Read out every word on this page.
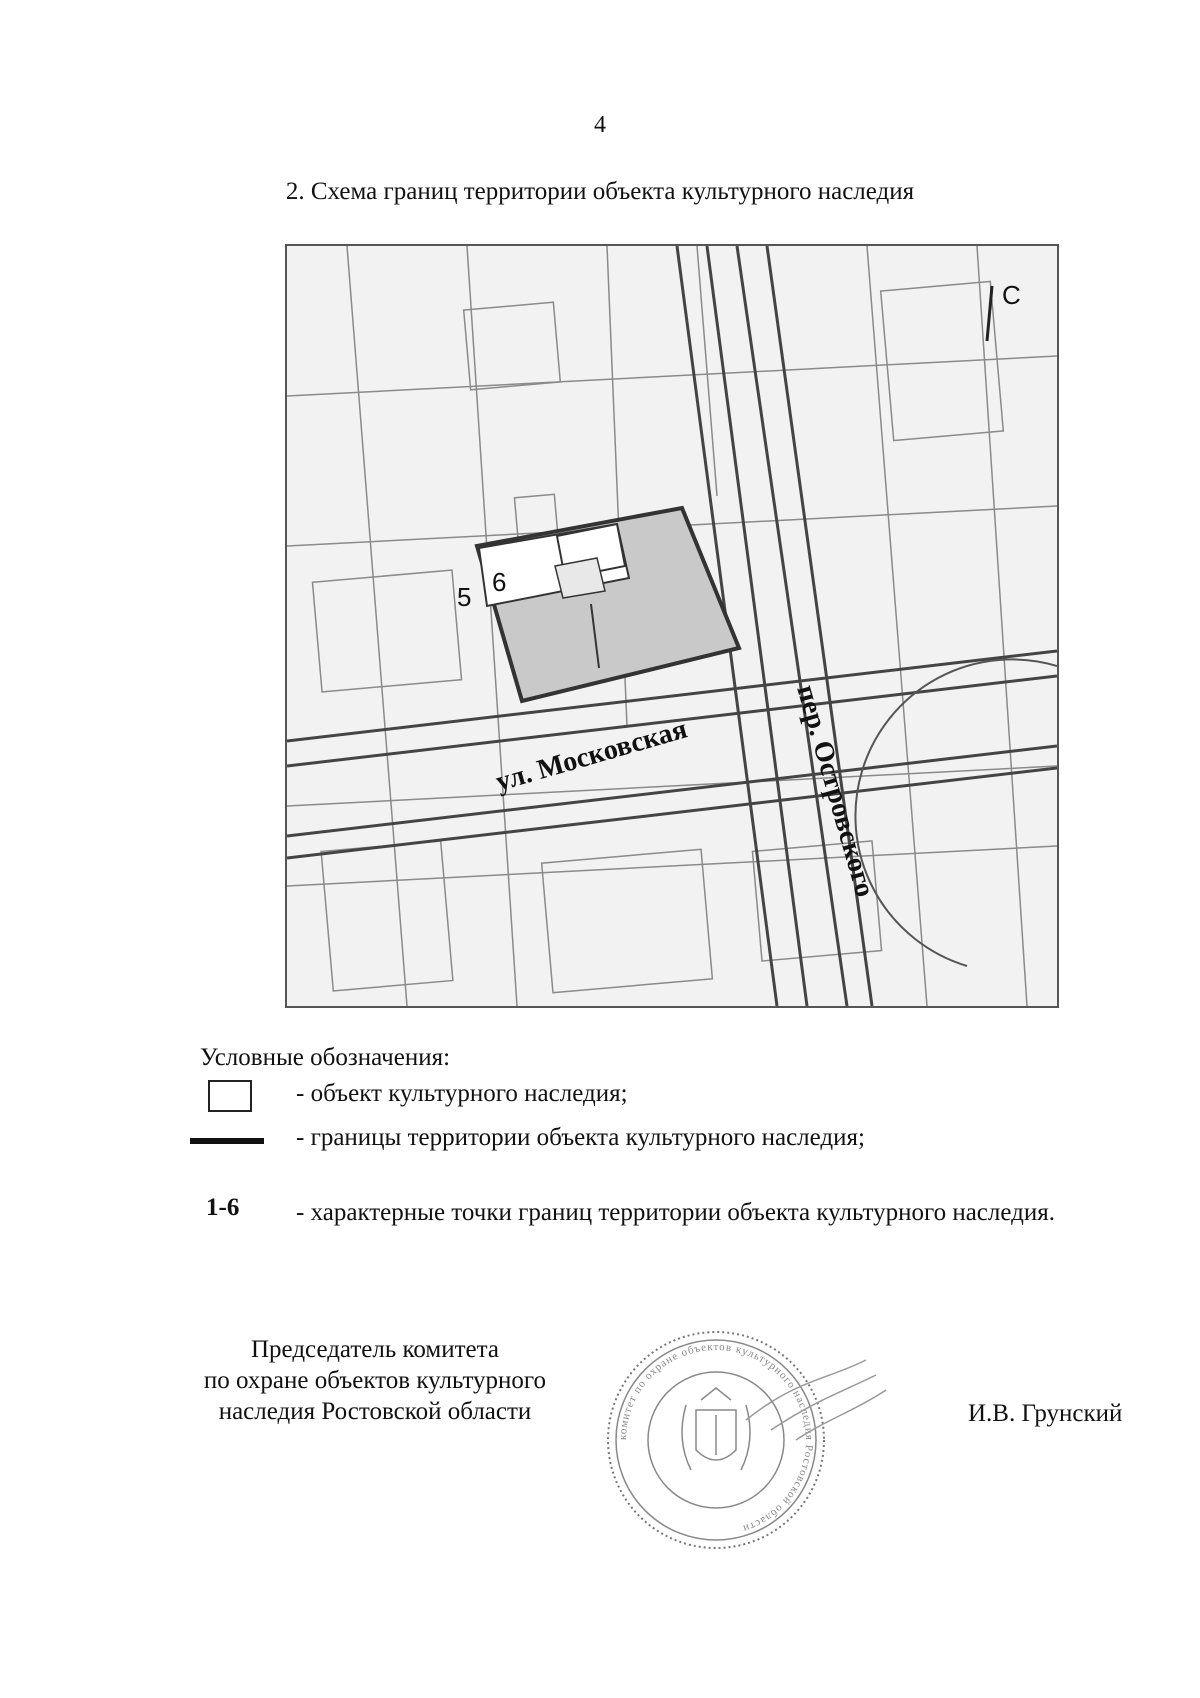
4
2. Схема границ территории объекта культурного наследия
5 6
ул. Московская	пер. Островского
С
Условные обозначения:
- объект культурного наследия;
- границы территории объекта культурного наследия;
1-6 - характерные точки границ территории объекта культурного наследия.
Председатель комитета
по охране объектов культурного
наследия Ростовской области
комитет по охране объектов культурного наследия Ростовской области
И.В. Грунский
